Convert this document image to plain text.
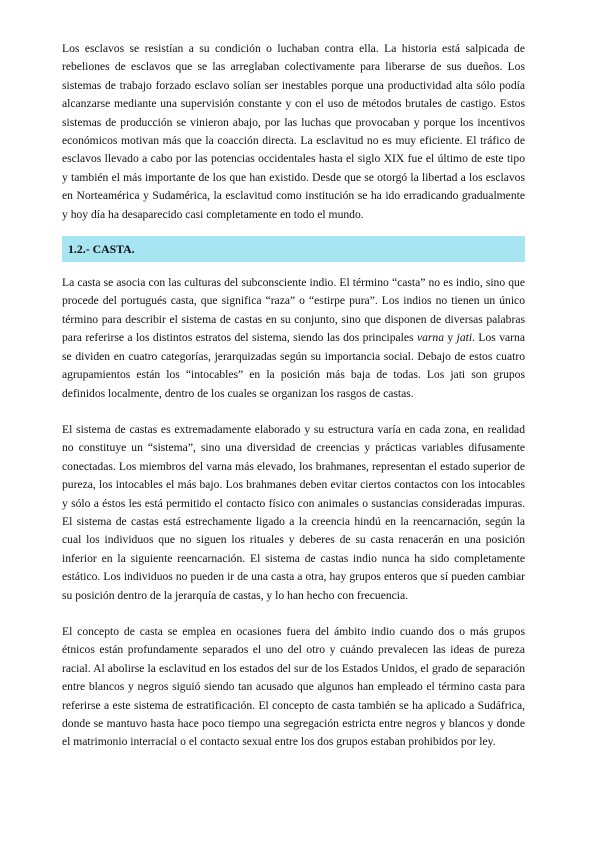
Los esclavos se resistían a su condición o luchaban contra ella. La historia está salpicada de rebeliones de esclavos que se las arreglaban colectivamente para liberarse de sus dueños. Los sistemas de trabajo forzado esclavo solían ser inestables porque una productividad alta sólo podía alcanzarse mediante una supervisión constante y con el uso de métodos brutales de castigo. Estos sistemas de producción se vinieron abajo, por las luchas que provocaban y porque los incentivos económicos motivan más que la coacción directa. La esclavitud no es muy eficiente. El tráfico de esclavos llevado a cabo por las potencias occidentales hasta el siglo XIX fue el último de este tipo y también el más importante de los que han existido. Desde que se otorgó la libertad a los esclavos en Norteamérica y Sudamérica, la esclavitud como institución se ha ido erradicando gradualmente y hoy día ha desaparecido casi completamente en todo el mundo.

1.2.- CASTA.

La casta se asocia con las culturas del subconsciente indio. El término “casta” no es indio, sino que procede del portugués casta, que significa “raza” o “estirpe pura”. Los indios no tienen un único término para describir el sistema de castas en su conjunto, sino que disponen de diversas palabras para referirse a los distintos estratos del sistema, siendo las dos principales varna y jati. Los varna se dividen en cuatro categorías, jerarquizadas según su importancia social. Debajo de estos cuatro agrupamientos están los “intocables” en la posición más baja de todas. Los jati son grupos definidos localmente, dentro de los cuales se organizan los rasgos de castas.

El sistema de castas es extremadamente elaborado y su estructura varía en cada zona, en realidad no constituye un “sistema”, sino una diversidad de creencias y prácticas variables difusamente conectadas. Los miembros del varna más elevado, los brahmanes, representan el estado superior de pureza, los intocables el más bajo. Los brahmanes deben evitar ciertos contactos con los intocables y sólo a éstos les está permitido el contacto físico con animales o sustancias consideradas impuras. El sistema de castas está estrechamente ligado a la creencia hindú en la reencarnación, según la cual los individuos que no siguen los rituales y deberes de su casta renacerán en una posición inferior en la siguiente reencarnación. El sistema de castas indio nunca ha sido completamente estático. Los individuos no pueden ir de una casta a otra, hay grupos enteros que sí pueden cambiar su posición dentro de la jerarquía de castas, y lo han hecho con frecuencia.

El concepto de casta se emplea en ocasiones fuera del ámbito indio cuando dos o más grupos étnicos están profundamente separados el uno del otro y cuándo prevalecen las ideas de pureza racial. Al abolirse la esclavitud en los estados del sur de los Estados Unidos, el grado de separación entre blancos y negros siguió siendo tan acusado que algunos han empleado el término casta para referirse a este sistema de estratificación. El concepto de casta también se ha aplicado a Sudáfrica, donde se mantuvo hasta hace poco tiempo una segregación estricta entre negros y blancos y donde el matrimonio interracial o el contacto sexual entre los dos grupos estaban prohibidos por ley.
